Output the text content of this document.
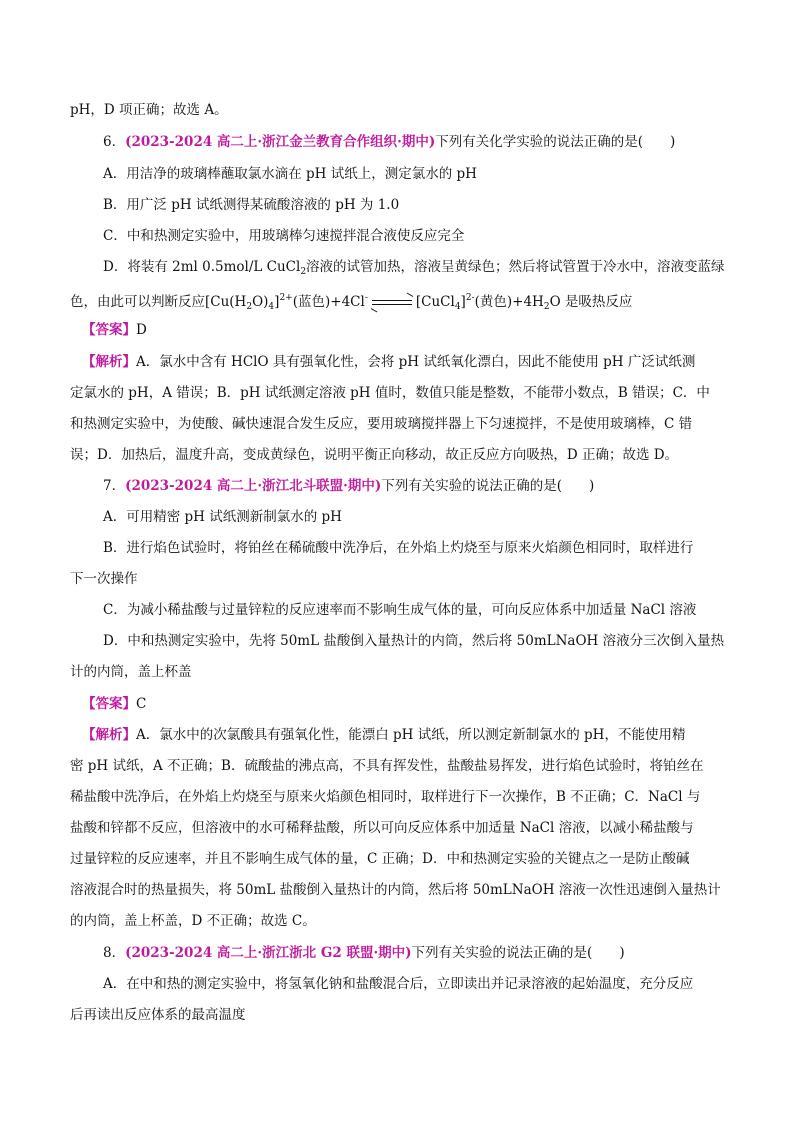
pH，D 项正确；故选 A。
6．(2023-2024 高二上·浙江金兰教育合作组织·期中)下列有关化学实验的说法正确的是(　　)
A．用洁净的玻璃棒蘸取氯水滴在 pH 试纸上，测定氯水的 pH
B．用广泛 pH 试纸测得某硫酸溶液的 pH 为 1.0
C．中和热测定实验中，用玻璃棒匀速搅拌混合液使反应完全
D．将装有 2ml 0.5mol/L CuCl$_2$溶液的试管加热，溶液呈黄绿色；然后将试管置于冷水中，溶液变蓝绿
色，由此可以判断反应$[Cu(H_2O)_4]^{2+}$(蓝色)+4Cl-	[CuCl$_4$]$^{2-}$(黄色)$+4H_2O$ 是吸热反应
【答案】D
【解析】A．氯水中含有 HClO 具有强氧化性，会将 pH 试纸氧化漂白，因此不能使用 pH 广泛试纸测
定氯水的 pH，A 错误；B．pH 试纸测定溶液 pH 值时，数值只能是整数，不能带小数点，B 错误；C．中
和热测定实验中，为使酸、碱快速混合发生反应，要用玻璃搅拌器上下匀速搅拌，不是使用玻璃棒，C 错
误；D．加热后，温度升高，变成黄绿色，说明平衡正向移动，故正反应方向吸热，D 正确；故选 D。
7．(2023-2024 高二上·浙江北斗联盟·期中)下列有关实验的说法正确的是(　　)
A．可用精密 pH 试纸测新制氯水的 pH
B．进行焰色试验时，将铂丝在稀硫酸中洗净后，在外焰上灼烧至与原来火焰颜色相同时，取样进行
下一次操作
C．为减小稀盐酸与过量锌粒的反应速率而不影响生成气体的量，可向反应体系中加适量 NaCl 溶液
D．中和热测定实验中，先将 50mL 盐酸倒入量热计的内筒，然后将 50mLNaOH 溶液分三次倒入量热
计的内筒，盖上杯盖
【答案】C
【解析】A．氯水中的次氯酸具有强氧化性，能漂白 pH 试纸，所以测定新制氯水的 pH，不能使用精
密 pH 试纸，A 不正确；B．硫酸盐的沸点高，不具有挥发性，盐酸盐易挥发，进行焰色试验时，将铂丝在
稀盐酸中洗净后，在外焰上灼烧至与原来火焰颜色相同时，取样进行下一次操作，B 不正确；C．NaCl 与
盐酸和锌都不反应，但溶液中的水可稀释盐酸，所以可向反应体系中加适量 NaCl 溶液，以减小稀盐酸与
过量锌粒的反应速率，并且不影响生成气体的量，C 正确；D．中和热测定实验的关键点之一是防止酸碱
溶液混合时的热量损失，将 50mL 盐酸倒入量热计的内筒，然后将 50mLNaOH 溶液一次性迅速倒入量热计
的内筒，盖上杯盖，D 不正确；故选 C。
8．(2023-2024 高二上·浙江浙北 G2 联盟·期中)下列有关实验的说法正确的是(　　)
A．在中和热的测定实验中，将氢氧化钠和盐酸混合后，立即读出并记录溶液的起始温度，充分反应
后再读出反应体系的最高温度
